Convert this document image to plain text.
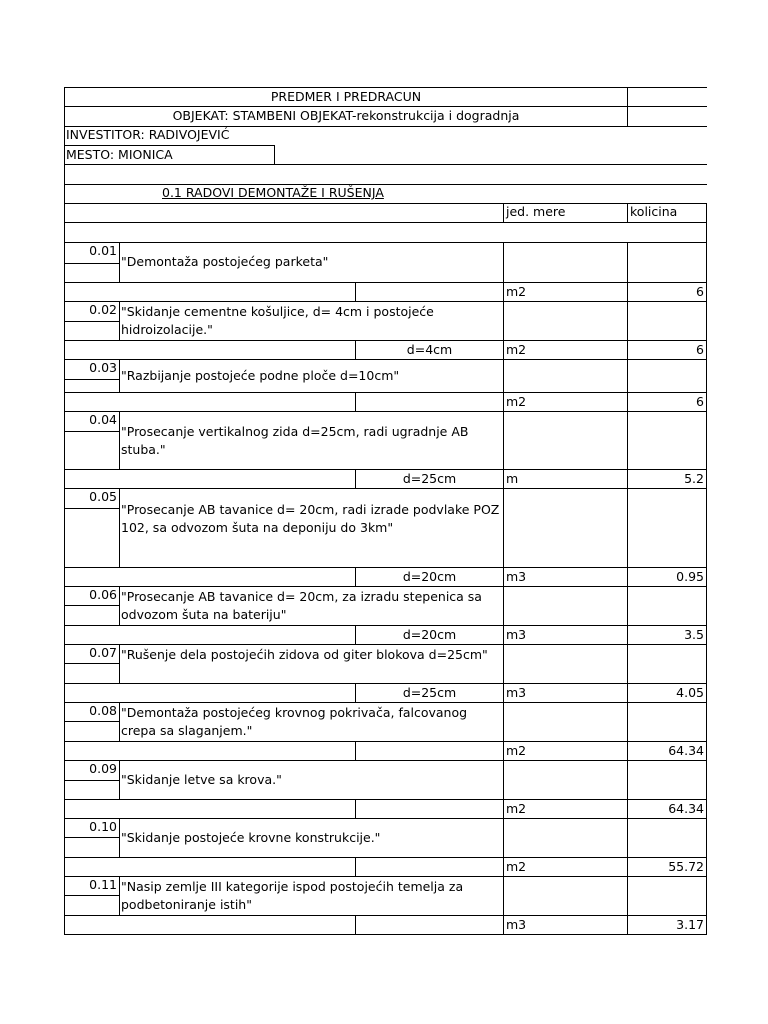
PREDMER I PREDRACUN
OBJEKAT: STAMBENI OBJEKAT-rekonstrukcija i dogradnja
INVESTITOR: RADIVOJEVIĆ
MESTO: MIONICA
0.1 RADOVI DEMONTAŽE I RUŠENJA
jed. mere	kolicina
0.01
"Demontaža postojećeg parketa"
m2	6
0.02 "Skidanje cementne košuljice, d= 4cm i postojeće hidroizolacije."
d=4cm	m2	6
0.03
"Razbijanje postojeće podne ploče d=10cm"
m2	6
0.04
"Prosecanje vertikalnog zida d=25cm, radi ugradnje AB stuba."
d=25cm	m	5.2
0.05
"Prosecanje AB tavanice d= 20cm, radi izrade podvlake POZ 102, sa odvozom šuta na deponiju do 3km"
d=20cm	m3	0.95
0.06 "Prosecanje AB tavanice d= 20cm, za izradu stepenica sa odvozom šuta na bateriju"
d=20cm	m3	3.5
0.07 "Rušenje dela postojećih zidova od giter blokova d=25cm"
d=25cm	m3	4.05
0.08 "Demontaža postojećeg krovnog pokrivača, falcovanog crepa sa slaganjem."
m2	64.34
0.09
"Skidanje letve sa krova."
m2	64.34
0.10
"Skidanje postojeće krovne konstrukcije."
m2	55.72
0.11 "Nasip zemlje III kategorije ispod postojećih temelja za podbetoniranje istih"
m3	3.17
